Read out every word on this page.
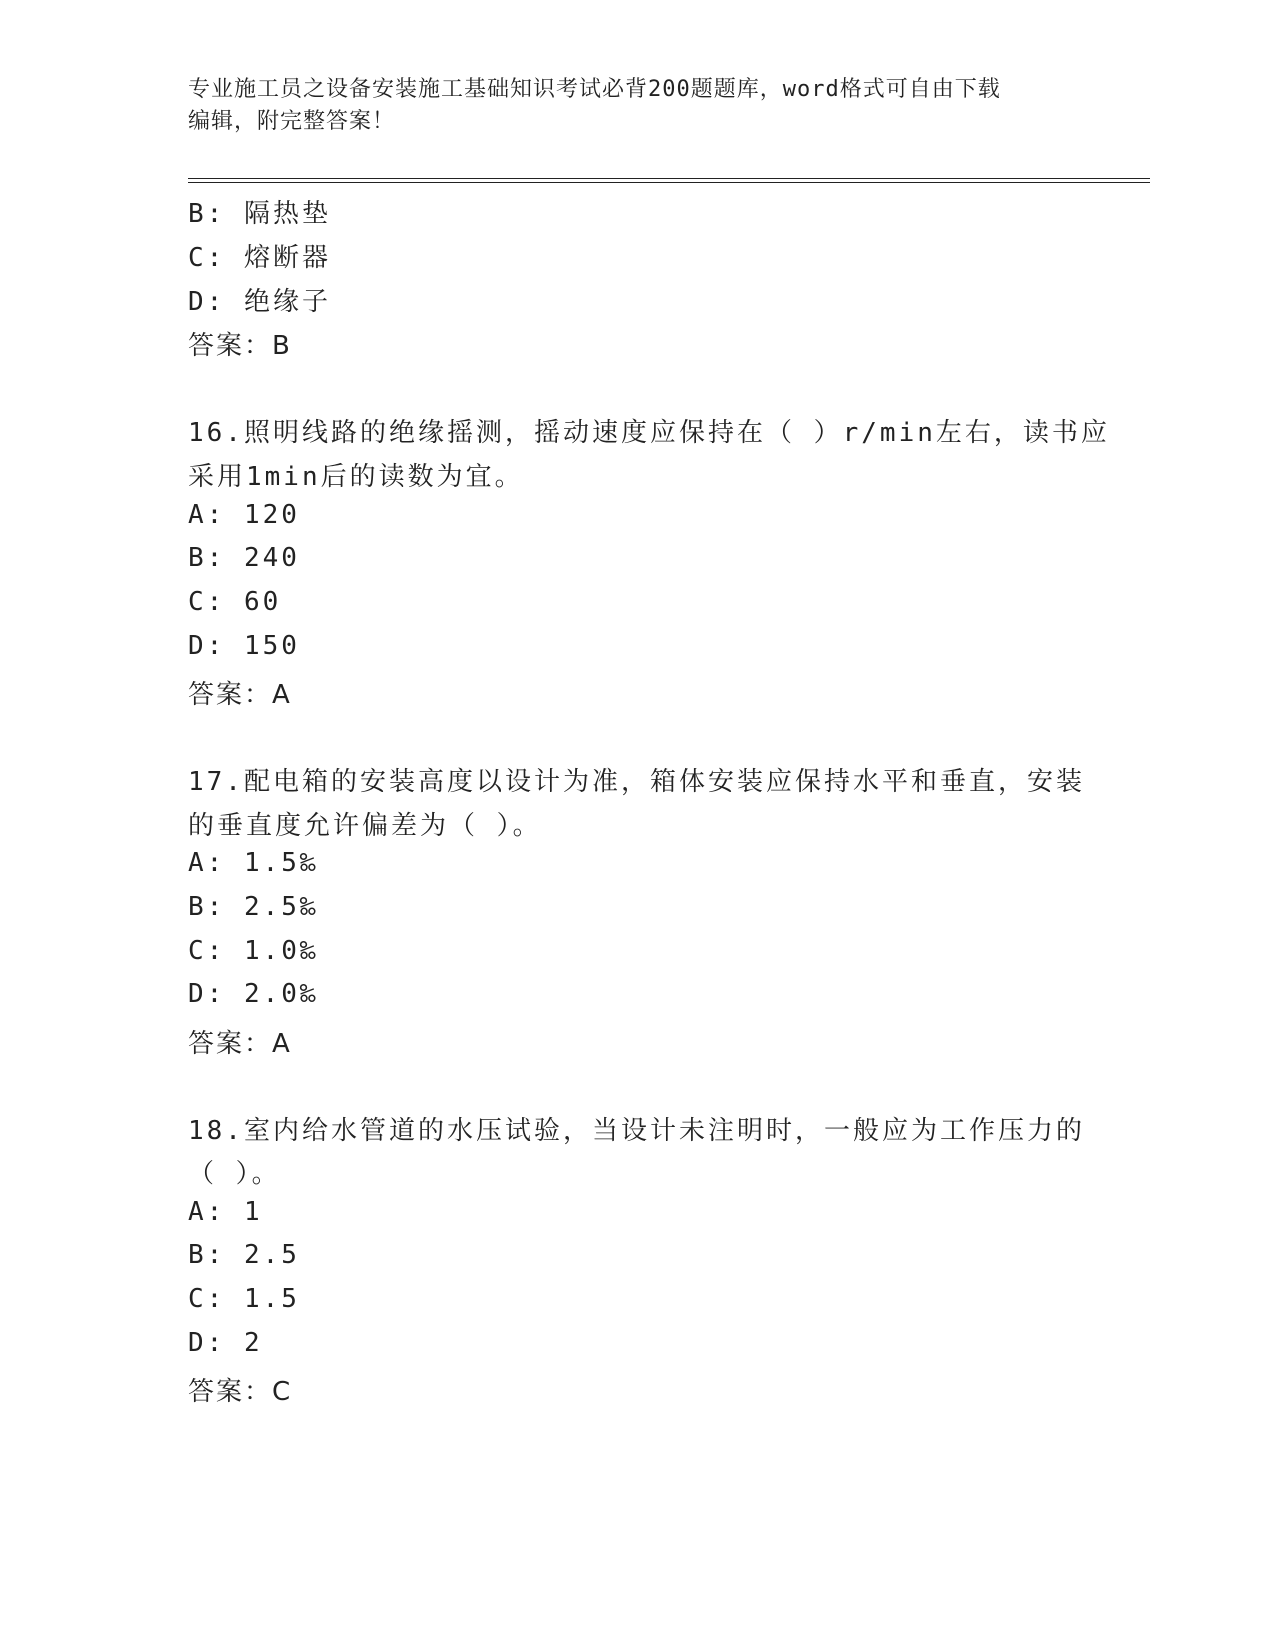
专业施工员之设备安装施工基础知识考试必背200题题库，word格式可自由下载
编辑，附完整答案！
B: 隔热垫
C: 熔断器
D: 绝缘子
答案：B
16.照明线路的绝缘摇测，摇动速度应保持在（ ）r/min左右，读书应
采用1min后的读数为宜。
A: 120
B: 240
C: 60
D: 150
答案：A
17.配电箱的安装高度以设计为准，箱体安装应保持水平和垂直，安装
的垂直度允许偏差为（ ）。
A: 1.5‰
B: 2.5‰
C: 1.0‰
D: 2.0‰
答案：A
18.室内给水管道的水压试验，当设计未注明时，一般应为工作压力的
（ ）。
A: 1
B: 2.5
C: 1.5
D: 2
答案：C
